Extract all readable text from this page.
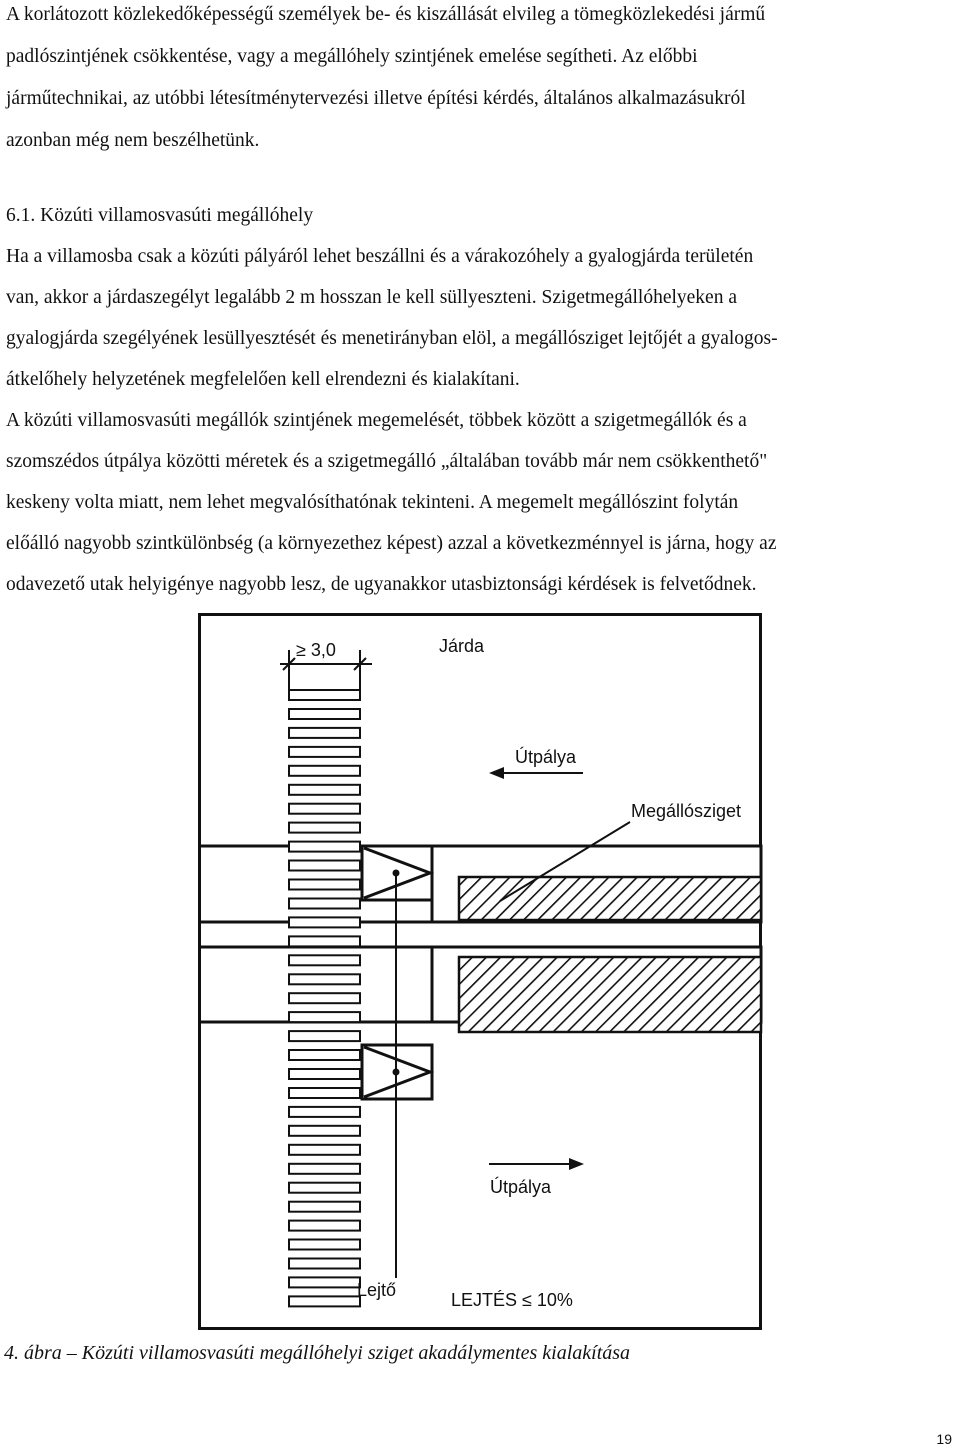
A korlátozott közlekedőképességű személyek be- és kiszállását elvileg a tömegközlekedési jármű
padlószintjének csökkentése, vagy a megállóhely szintjének emelése segítheti. Az előbbi
járműtechnikai, az utóbbi létesítménytervezési illetve építési kérdés, általános alkalmazásukról
azonban még nem beszélhetünk.
6.1. Közúti villamosvasúti megállóhely
Ha a villamosba csak a közúti pályáról lehet beszállni és a várakozóhely a gyalogjárda területén
van, akkor a járdaszegélyt legalább 2 m hosszan le kell süllyeszteni. Szigetmegállóhelyeken a
gyalogjárda szegélyének lesüllyesztését és menetirányban elöl, a megállósziget lejtőjét a gyalogos-
átkelőhely helyzetének megfelelően kell elrendezni és kialakítani.
A közúti villamosvasúti megállók szintjének megemelését, többek között a szigetmegállók és a
szomszédos útpálya közötti méretek és a szigetmegálló „általában tovább már nem csökkenthető"
keskeny volta miatt, nem lehet megvalósíthatónak tekinteni. A megemelt megállószint folytán
előálló nagyobb szintkülönbség (a környezethez képest) azzal a következménnyel is járna, hogy az
odavezető utak helyigénye nagyobb lesz, de ugyanakkor utasbiztonsági kérdések is felvetődnek.
≥ 3,0	Járda
Útpálya
Megállósziget
Útpálya
Lejtő	LEJTÉS ≤ 10%
4. ábra – Közúti villamosvasúti megállóhelyi sziget akadálymentes kialakítása
19
